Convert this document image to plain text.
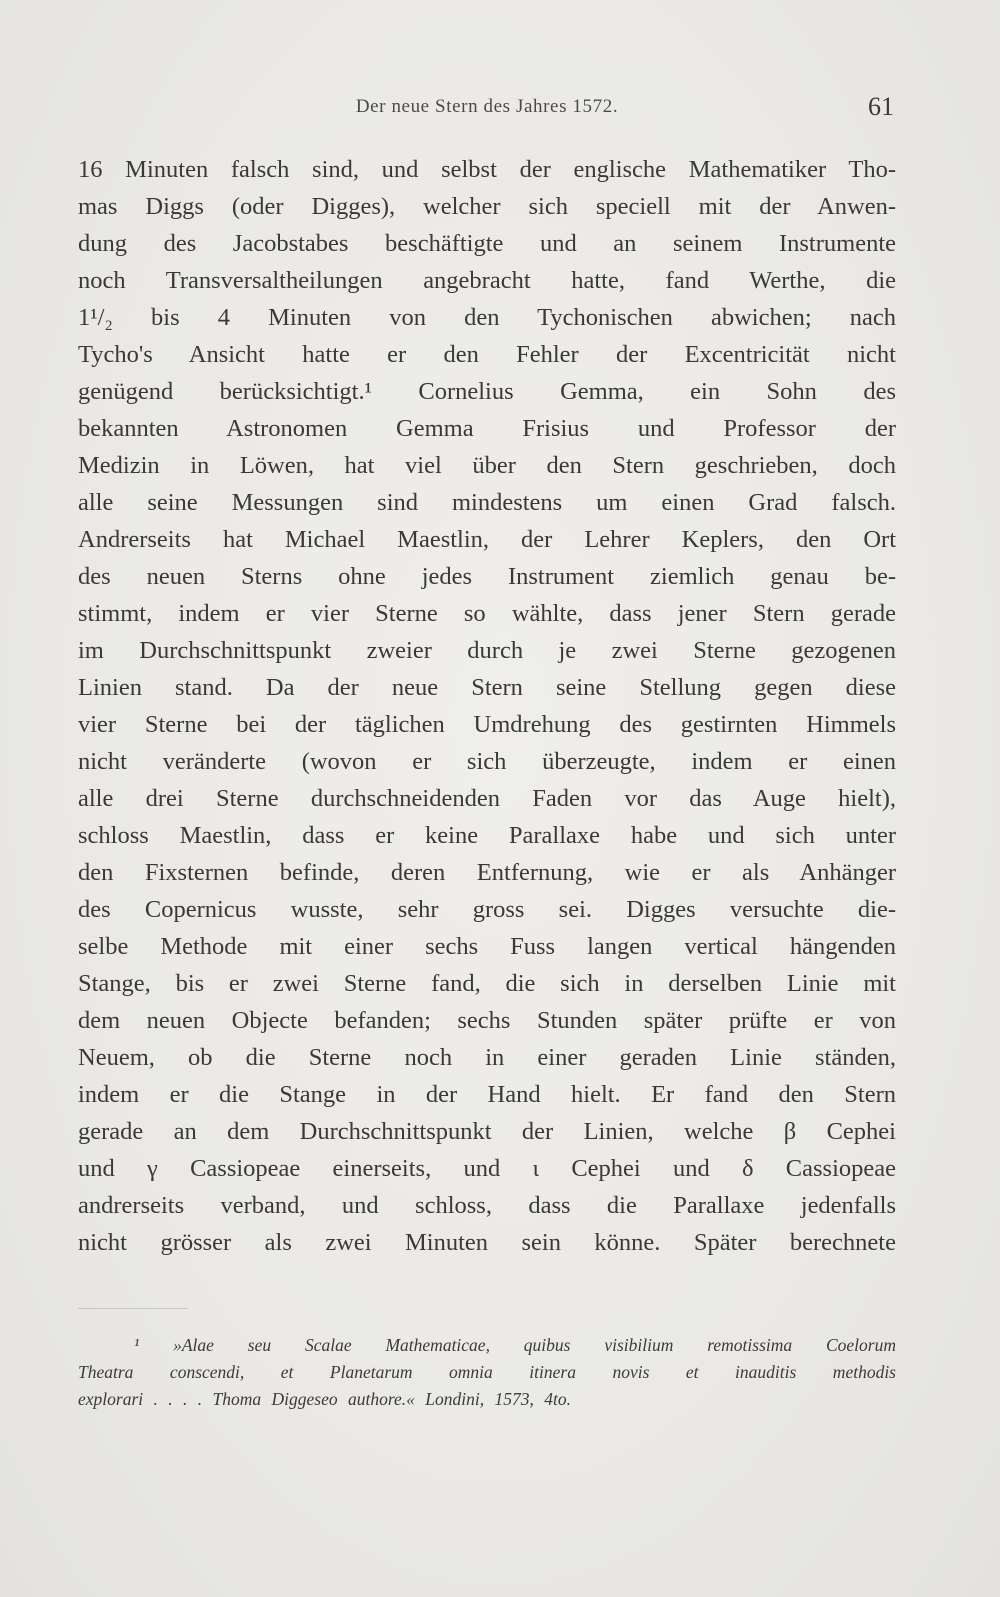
Der neue Stern des Jahres 1572.	61
16 Minuten falsch sind, und selbst der englische Mathematiker Tho-
mas Diggs (oder Digges), welcher sich speciell mit der Anwen-
dung des Jacobstabes beschäftigte und an seinem Instrumente
noch Transversaltheilungen angebracht hatte, fand Werthe, die
1¹/₂ bis 4 Minuten von den Tychonischen abwichen; nach
Tycho's Ansicht hatte er den Fehler der Excentricität nicht
genügend berücksichtigt.¹ Cornelius Gemma, ein Sohn des
bekannten Astronomen Gemma Frisius und Professor der
Medizin in Löwen, hat viel über den Stern geschrieben, doch
alle seine Messungen sind mindestens um einen Grad falsch.
Andrerseits hat Michael Maestlin, der Lehrer Keplers, den Ort
des neuen Sterns ohne jedes Instrument ziemlich genau be-
stimmt, indem er vier Sterne so wählte, dass jener Stern gerade
im Durchschnittspunkt zweier durch je zwei Sterne gezogenen
Linien stand. Da der neue Stern seine Stellung gegen diese
vier Sterne bei der täglichen Umdrehung des gestirnten Himmels
nicht veränderte (wovon er sich überzeugte, indem er einen
alle drei Sterne durchschneidenden Faden vor das Auge hielt),
schloss Maestlin, dass er keine Parallaxe habe und sich unter
den Fixsternen befinde, deren Entfernung, wie er als Anhänger
des Copernicus wusste, sehr gross sei. Digges versuchte die-
selbe Methode mit einer sechs Fuss langen vertical hängenden
Stange, bis er zwei Sterne fand, die sich in derselben Linie mit
dem neuen Objecte befanden; sechs Stunden später prüfte er von
Neuem, ob die Sterne noch in einer geraden Linie ständen,
indem er die Stange in der Hand hielt. Er fand den Stern
gerade an dem Durchschnittspunkt der Linien, welche β Cephei
und γ Cassiopeae einerseits, und ι Cephei und δ Cassiopeae
andrerseits verband, und schloss, dass die Parallaxe jedenfalls
nicht grösser als zwei Minuten sein könne. Später berechnete
¹ »Alae seu Scalae Mathematicae, quibus visibilium remotissima Coelorum
Theatra conscendi, et Planetarum omnia itinera novis et inauditis methodis
explorari . . . . Thoma Diggeseo authore.« Londini, 1573, 4to.
